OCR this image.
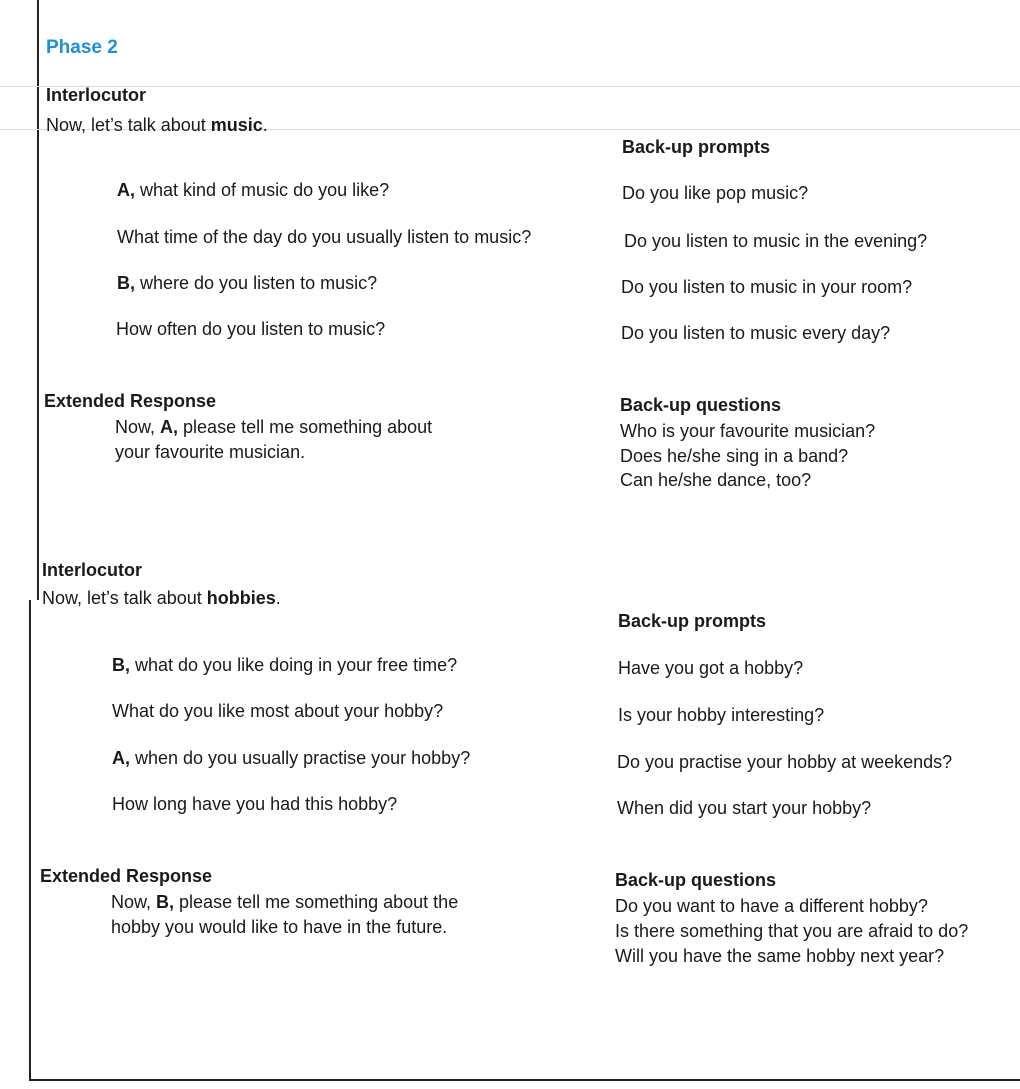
Phase 2
Interlocutor
Now, let’s talk about music.
Back-up prompts
A, what kind of music do you like?	Do you like pop music?
What time of the day do you usually listen to music?	Do you listen to music in the evening?
B, where do you listen to music?	Do you listen to music in your room?
How often do you listen to music?	Do you listen to music every day?
Extended Response
Now, A, please tell me something about
your favourite musician.
Back-up questions
Who is your favourite musician?
Does he/she sing in a band?
Can he/she dance, too?
Interlocutor
Now, let’s talk about hobbies.
Back-up prompts
B, what do you like doing in your free time?	Have you got a hobby?
What do you like most about your hobby?	Is your hobby interesting?
A, when do you usually practise your hobby?	Do you practise your hobby at weekends?
How long have you had this hobby?	When did you start your hobby?
Extended Response
Now, B, please tell me something about the
hobby you would like to have in the future.
Back-up questions
Do you want to have a different hobby?
Is there something that you are afraid to do?
Will you have the same hobby next year?
